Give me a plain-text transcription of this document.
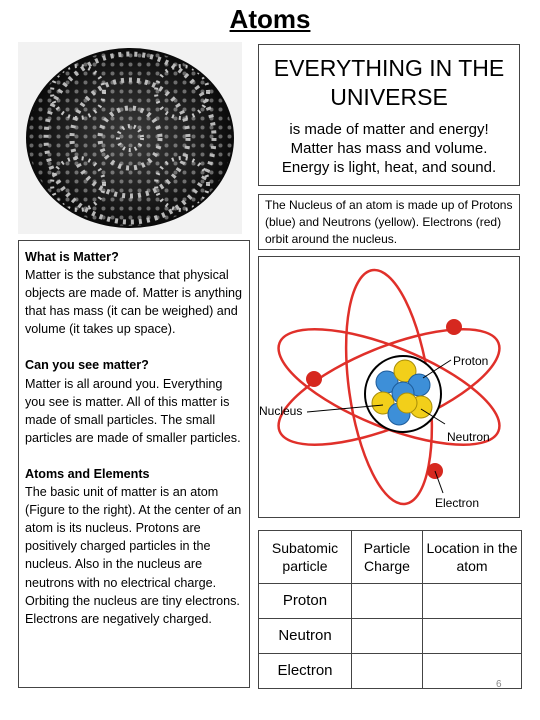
Atoms
EVERYTHING IN THE
UNIVERSE
is made of matter and energy!
Matter has mass and volume.
Energy is light, heat, and sound.
The Nucleus of an atom is made up of Protons (blue) and Neutrons (yellow). Electrons (red) orbit around the nucleus.

What is Matter?
Matter is the substance that physical objects are made of. Matter is anything that has mass (it can be weighed) and volume (it takes up space).

Can you see matter?
Matter is all around you. Everything you see is matter. All of this matter is made of small particles. The small particles are made of smaller particles.

Atoms and Elements
The basic unit of matter is an atom (Figure to the right). At the center of an atom is its nucleus. Protons are positively charged particles in the nucleus. Also in the nucleus are neutrons with no electrical charge. Orbiting the nucleus are tiny electrons. Electrons are negatively charged.

Proton
Nucleus
Neutron
Electron
Subatomic particle	Particle Charge	Location in the atom
Proton		
Neutron		
Electron		
6
